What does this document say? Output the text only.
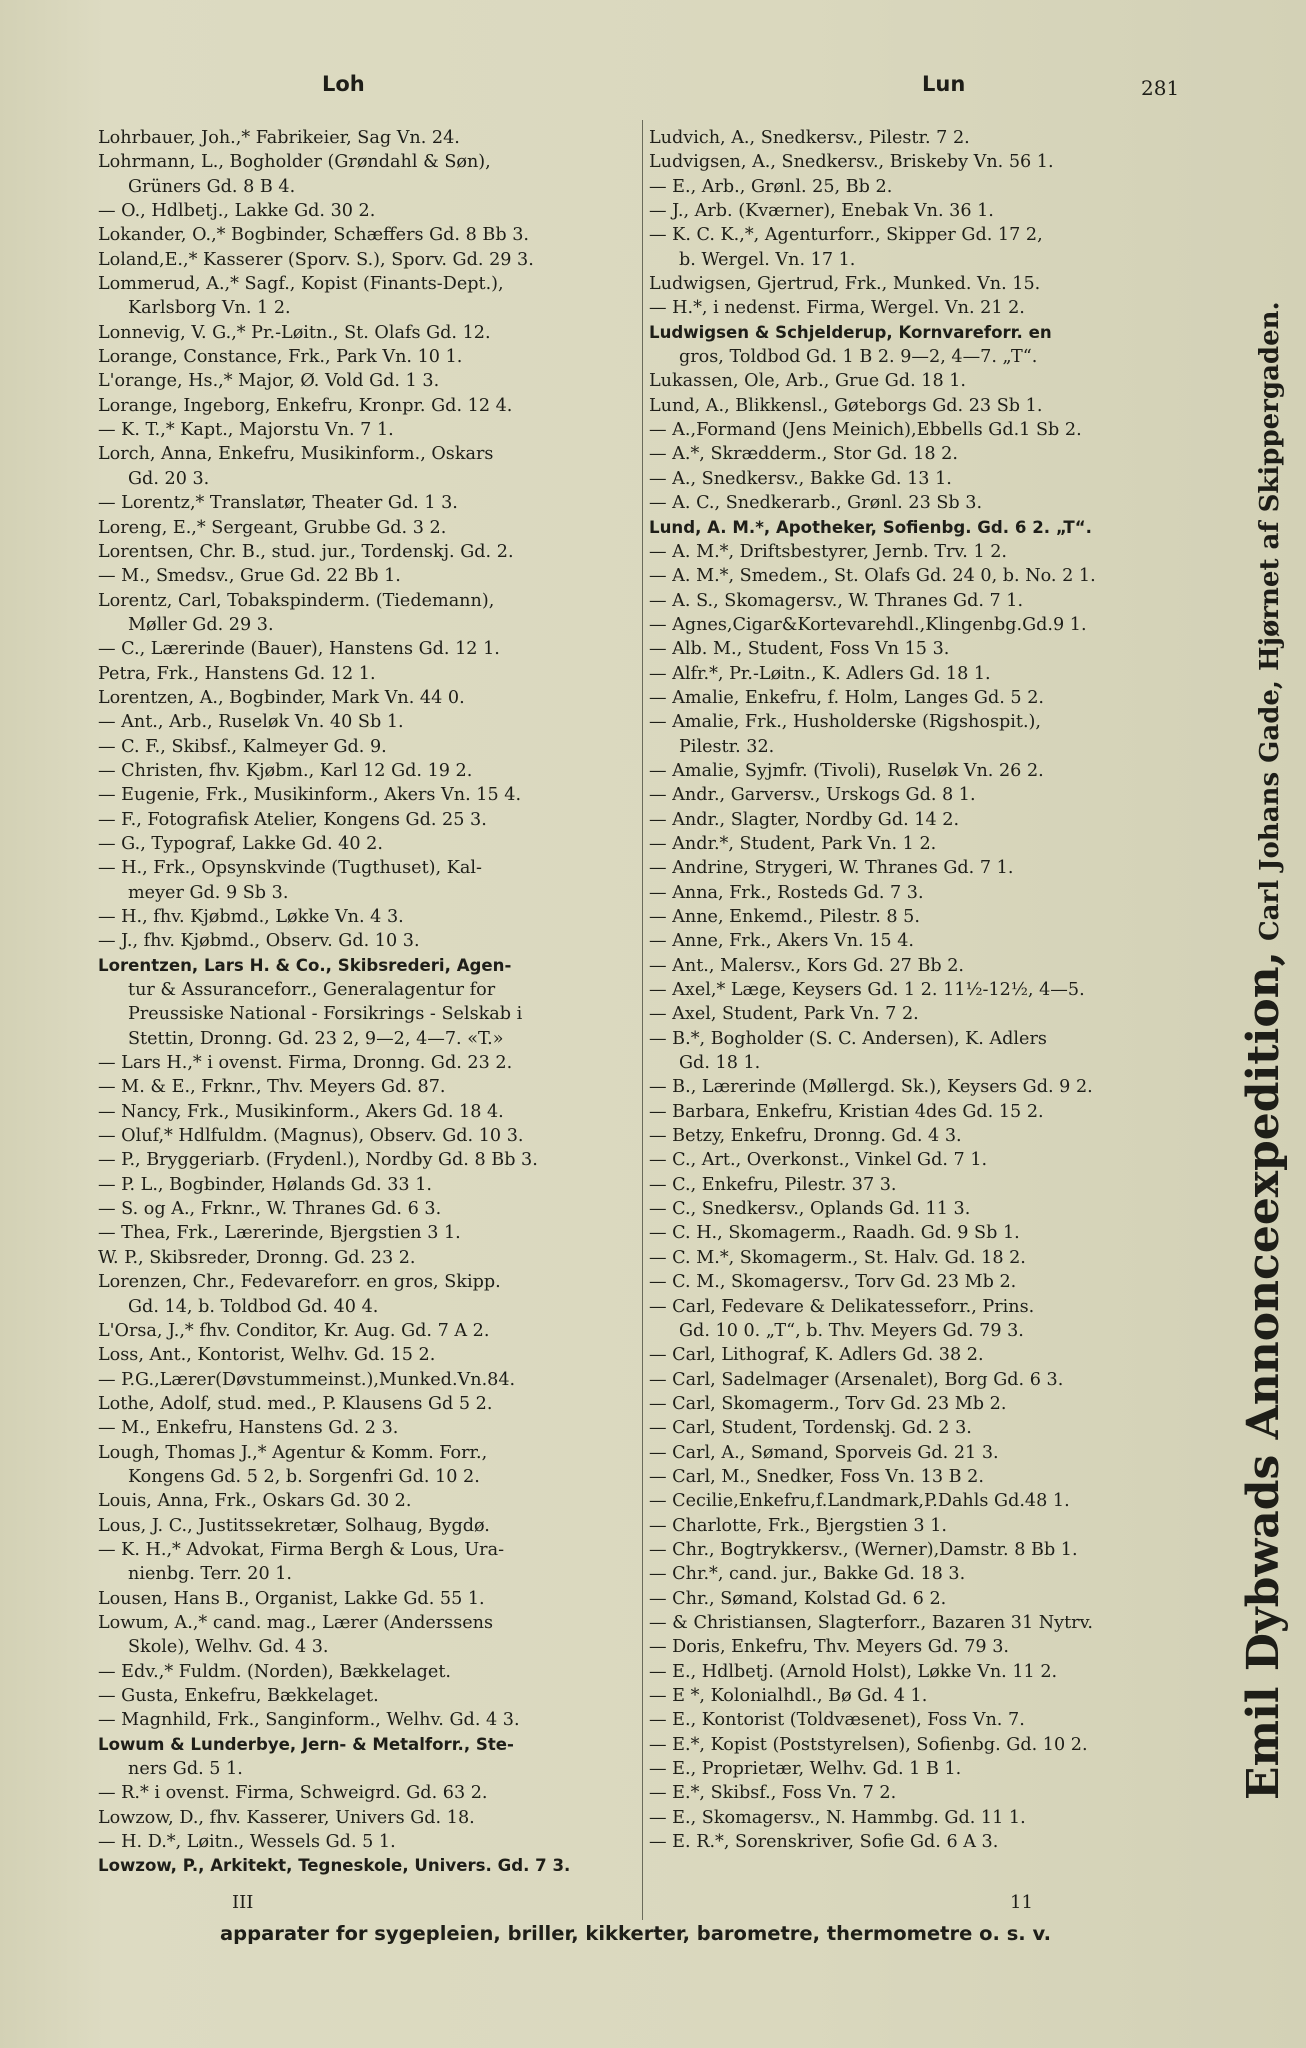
Loh	Lun	281
Lohrbauer, Joh.,* Fabrikeier, Sag Vn. 24.
Lohrmann, L., Bogholder (Grøndahl & Søn),
Grüners Gd. 8 B 4.
— O., Hdlbetj., Lakke Gd. 30 2.
Lokander, O.,* Bogbinder, Schæffers Gd. 8 Bb 3.
Loland,E.,* Kasserer (Sporv. S.), Sporv. Gd. 29 3.
Lommerud, A.,* Sagf., Kopist (Finants-Dept.),
Karlsborg Vn. 1 2.
Lonnevig, V. G.,* Pr.-Løitn., St. Olafs Gd. 12.
Lorange, Constance, Frk., Park Vn. 10 1.
L'orange, Hs.,* Major, Ø. Vold Gd. 1 3.
Lorange, Ingeborg, Enkefru, Kronpr. Gd. 12 4.
— K. T.,* Kapt., Majorstu Vn. 7 1.
Lorch, Anna, Enkefru, Musikinform., Oskars
Gd. 20 3.
— Lorentz,* Translatør, Theater Gd. 1 3.
Loreng, E.,* Sergeant, Grubbe Gd. 3 2.
Lorentsen, Chr. B., stud. jur., Tordenskj. Gd. 2.
— M., Smedsv., Grue Gd. 22 Bb 1.
Lorentz, Carl, Tobakspinderm. (Tiedemann),
Møller Gd. 29 3.
— C., Lærerinde (Bauer), Hanstens Gd. 12 1.
Petra, Frk., Hanstens Gd. 12 1.
Lorentzen, A., Bogbinder, Mark Vn. 44 0.
— Ant., Arb., Ruseløk Vn. 40 Sb 1.
— C. F., Skibsf., Kalmeyer Gd. 9.
— Christen, fhv. Kjøbm., Karl 12 Gd. 19 2.
— Eugenie, Frk., Musikinform., Akers Vn. 15 4.
— F., Fotografisk Atelier, Kongens Gd. 25 3.
— G., Typograf, Lakke Gd. 40 2.
— H., Frk., Opsynskvinde (Tugthuset), Kal-
meyer Gd. 9 Sb 3.
— H., fhv. Kjøbmd., Løkke Vn. 4 3.
— J., fhv. Kjøbmd., Observ. Gd. 10 3.
Lorentzen, Lars H. & Co., Skibsrederi, Agen-
tur & Assuranceforr., Generalagentur for
Preussiske National - Forsikrings - Selskab i
Stettin, Dronng. Gd. 23 2, 9—2, 4—7. «T.»
— Lars H.,* i ovenst. Firma, Dronng. Gd. 23 2.
— M. & E., Frknr., Thv. Meyers Gd. 87.
— Nancy, Frk., Musikinform., Akers Gd. 18 4.
— Oluf,* Hdlfuldm. (Magnus), Observ. Gd. 10 3.
— P., Bryggeriarb. (Frydenl.), Nordby Gd. 8 Bb 3.
— P. L., Bogbinder, Hølands Gd. 33 1.
— S. og A., Frknr., W. Thranes Gd. 6 3.
— Thea, Frk., Lærerinde, Bjergstien 3 1.
W. P., Skibsreder, Dronng. Gd. 23 2.
Lorenzen, Chr., Fedevareforr. en gros, Skipp.
Gd. 14, b. Toldbod Gd. 40 4.
L'Orsa, J.,* fhv. Conditor, Kr. Aug. Gd. 7 A 2.
Loss, Ant., Kontorist, Welhv. Gd. 15 2.
— P.G.,Lærer(Døvstummeinst.),Munked.Vn.84.
Lothe, Adolf, stud. med., P. Klausens Gd 5 2.
— M., Enkefru, Hanstens Gd. 2 3.
Lough, Thomas J.,* Agentur & Komm. Forr.,
Kongens Gd. 5 2, b. Sorgenfri Gd. 10 2.
Louis, Anna, Frk., Oskars Gd. 30 2.
Lous, J. C., Justitssekretær, Solhaug, Bygdø.
— K. H.,* Advokat, Firma Bergh & Lous, Ura-
nienbg. Terr. 20 1.
Lousen, Hans B., Organist, Lakke Gd. 55 1.
Lowum, A.,* cand. mag., Lærer (Anderssens
Skole), Welhv. Gd. 4 3.
— Edv.,* Fuldm. (Norden), Bækkelaget.
— Gusta, Enkefru, Bækkelaget.
— Magnhild, Frk., Sanginform., Welhv. Gd. 4 3.
Lowum & Lunderbye, Jern- & Metalforr., Ste-
ners Gd. 5 1.
— R.* i ovenst. Firma, Schweigrd. Gd. 63 2.
Lowzow, D., fhv. Kasserer, Univers Gd. 18.
— H. D.*, Løitn., Wessels Gd. 5 1.
Lowzow, P., Arkitekt, Tegneskole, Univers. Gd. 7 3.
Ludvich, A., Snedkersv., Pilestr. 7 2.
Ludvigsen, A., Snedkersv., Briskeby Vn. 56 1.
— E., Arb., Grønl. 25, Bb 2.
— J., Arb. (Kværner), Enebak Vn. 36 1.
— K. C. K.,*, Agenturforr., Skipper Gd. 17 2,
b. Wergel. Vn. 17 1.
Ludwigsen, Gjertrud, Frk., Munked. Vn. 15.
— H.*, i nedenst. Firma, Wergel. Vn. 21 2.
Ludwigsen & Schjelderup, Kornvareforr. en
gros, Toldbod Gd. 1 B 2. 9—2, 4—7. „T“.
Lukassen, Ole, Arb., Grue Gd. 18 1.
Lund, A., Blikkensl., Gøteborgs Gd. 23 Sb 1.
— A.,Formand (Jens Meinich),Ebbells Gd.1 Sb 2.
— A.*, Skrædderm., Stor Gd. 18 2.
— A., Snedkersv., Bakke Gd. 13 1.
— A. C., Snedkerarb., Grønl. 23 Sb 3.
Lund, A. M.*, Apotheker, Sofienbg. Gd. 6 2. „T“.
— A. M.*, Driftsbestyrer, Jernb. Trv. 1 2.
— A. M.*, Smedem., St. Olafs Gd. 24 0, b. No. 2 1.
— A. S., Skomagersv., W. Thranes Gd. 7 1.
— Agnes,Cigar&Kortevarehdl.,Klingenbg.Gd.9 1.
— Alb. M., Student, Foss Vn 15 3.
— Alfr.*, Pr.-Løitn., K. Adlers Gd. 18 1.
— Amalie, Enkefru, f. Holm, Langes Gd. 5 2.
— Amalie, Frk., Husholderske (Rigshospit.),
Pilestr. 32.
— Amalie, Syjmfr. (Tivoli), Ruseløk Vn. 26 2.
— Andr., Garversv., Urskogs Gd. 8 1.
— Andr., Slagter, Nordby Gd. 14 2.
— Andr.*, Student, Park Vn. 1 2.
— Andrine, Strygeri, W. Thranes Gd. 7 1.
— Anna, Frk., Rosteds Gd. 7 3.
— Anne, Enkemd., Pilestr. 8 5.
— Anne, Frk., Akers Vn. 15 4.
— Ant., Malersv., Kors Gd. 27 Bb 2.
— Axel,* Læge, Keysers Gd. 1 2. 11½-12½, 4—5.
— Axel, Student, Park Vn. 7 2.
— B.*, Bogholder (S. C. Andersen), K. Adlers
Gd. 18 1.
— B., Lærerinde (Møllergd. Sk.), Keysers Gd. 9 2.
— Barbara, Enkefru, Kristian 4des Gd. 15 2.
— Betzy, Enkefru, Dronng. Gd. 4 3.
— C., Art., Overkonst., Vinkel Gd. 7 1.
— C., Enkefru, Pilestr. 37 3.
— C., Snedkersv., Oplands Gd. 11 3.
— C. H., Skomagerm., Raadh. Gd. 9 Sb 1.
— C. M.*, Skomagerm., St. Halv. Gd. 18 2.
— C. M., Skomagersv., Torv Gd. 23 Mb 2.
— Carl, Fedevare & Delikatesseforr., Prins.
Gd. 10 0. „T“, b. Thv. Meyers Gd. 79 3.
— Carl, Lithograf, K. Adlers Gd. 38 2.
— Carl, Sadelmager (Arsenalet), Borg Gd. 6 3.
— Carl, Skomagerm., Torv Gd. 23 Mb 2.
— Carl, Student, Tordenskj. Gd. 2 3.
— Carl, A., Sømand, Sporveis Gd. 21 3.
— Carl, M., Snedker, Foss Vn. 13 B 2.
— Cecilie,Enkefru,f.Landmark,P.Dahls Gd.48 1.
— Charlotte, Frk., Bjergstien 3 1.
— Chr., Bogtrykkersv., (Werner),Damstr. 8 Bb 1.
— Chr.*, cand. jur., Bakke Gd. 18 3.
— Chr., Sømand, Kolstad Gd. 6 2.
— & Christiansen, Slagterforr., Bazaren 31 Nytrv.
— Doris, Enkefru, Thv. Meyers Gd. 79 3.
— E., Hdlbetj. (Arnold Holst), Løkke Vn. 11 2.
— E *, Kolonialhdl., Bø Gd. 4 1.
— E., Kontorist (Toldvæsenet), Foss Vn. 7.
— E.*, Kopist (Poststyrelsen), Sofienbg. Gd. 10 2.
— E., Proprietær, Welhv. Gd. 1 B 1.
— E.*, Skibsf., Foss Vn. 7 2.
— E., Skomagersv., N. Hammbg. Gd. 11 1.
— E. R.*, Sorenskriver, Sofie Gd. 6 A 3.
Emil Dybwads Annonceexpedition,Carl Johans Gade, Hjørnet af Skippergaden.
III	11
apparater for sygepleien, briller, kikkerter, barometre, thermometre o. s. v.
